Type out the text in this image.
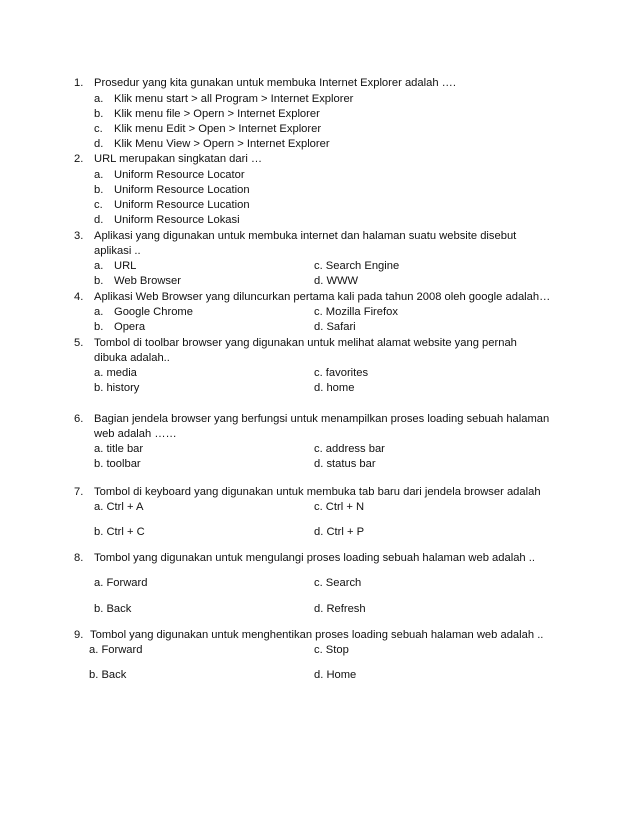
1. Prosedur yang kita gunakan untuk membuka Internet Explorer adalah ….
a. Klik menu start > all Program > Internet Explorer
b. Klik menu file > Opern > Internet Explorer
c. Klik menu Edit > Open > Internet Explorer
d. Klik Menu View > Opern > Internet Explorer
2. URL merupakan singkatan dari …
a. Uniform Resource Locator
b. Uniform Resource Location
c. Uniform Resource Lucation
d. Uniform Resource Lokasi
3. Aplikasi yang digunakan untuk membuka internet dan halaman suatu website disebut
aplikasi ..
a. URL
b. Web Browser
c. Search Engine
d. WWW
4. Aplikasi Web Browser yang diluncurkan pertama kali pada tahun 2008 oleh google adalah…
a. Google Chrome
b. Opera
c. Mozilla Firefox
d. Safari
5. Tombol di toolbar browser yang digunakan untuk melihat alamat website yang pernah
dibuka adalah..
a. media
b. history
c. favorites
d. home
6. Bagian jendela browser yang berfungsi untuk menampilkan proses loading sebuah halaman
web adalah ……
a. title bar
b. toolbar
c. address bar
d. status bar
7. Tombol di keyboard yang digunakan untuk membuka tab baru dari jendela browser adalah
a. Ctrl + A
b. Ctrl + C
c. Ctrl + N
d. Ctrl + P
8. Tombol yang digunakan untuk mengulangi proses loading sebuah halaman web adalah ..
a. Forward
b. Back
c. Search
d. Refresh
9. Tombol yang digunakan untuk menghentikan proses loading sebuah halaman web adalah ..
a. Forward
b. Back
c. Stop
d. Home
